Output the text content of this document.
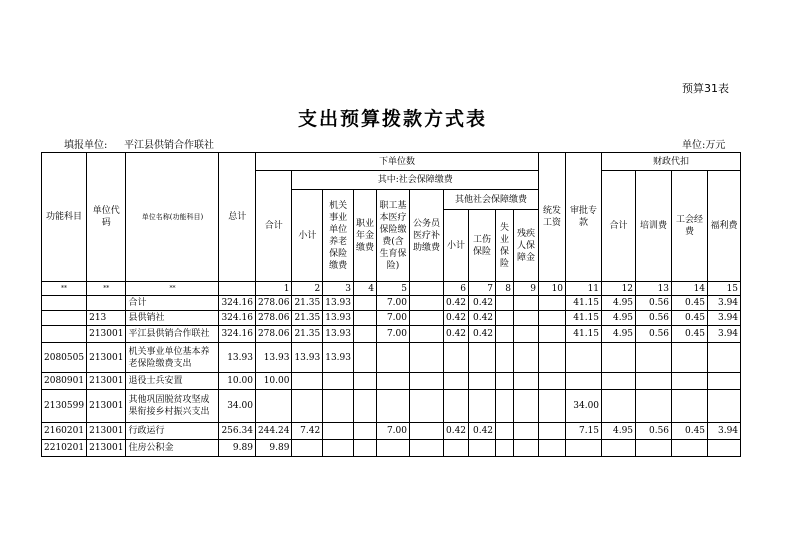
预算31表
支出预算拨款方式表
填报单位: 平江县供销合作联社	单位:万元
功能科目	单位代码	单位名称(功能科目)	总计	下单位数										统发工资	审批专款	财政代扣			
				合计	其中:社会保障缴费											合计	培训费	工会经费	福利费
					小计	机关事业单位养老保险缴费	职业年金缴费	职工基本医疗保险缴费(含生育保险)	公务员医疗补助缴费	其他社会保障缴费									
										小计	工伤保险	失业保险	残疾人保障金						
**	**	**		1	2	3	4	5		6	7	8	9	10	11	12	13	14	15
		合计	324.16	278.06	21.35	13.93		7.00		0.42	0.42				41.15	4.95	0.56	0.45	3.94
	213	县供销社	324.16	278.06	21.35	13.93		7.00		0.42	0.42				41.15	4.95	0.56	0.45	3.94
	213001	平江县供销合作联社	324.16	278.06	21.35	13.93		7.00		0.42	0.42				41.15	4.95	0.56	0.45	3.94
2080505	213001	机关事业单位基本养老保险缴费支出	13.93	13.93	13.93	13.93													
2080901	213001	退役士兵安置	10.00	10.00															
2130599	213001	其他巩固脱贫攻坚成果衔接乡村振兴支出	34.00												34.00				
2160201	213001	行政运行	256.34	244.24	7.42			7.00		0.42	0.42				7.15	4.95	0.56	0.45	3.94
2210201	213001	住房公积金	9.89	9.89															
